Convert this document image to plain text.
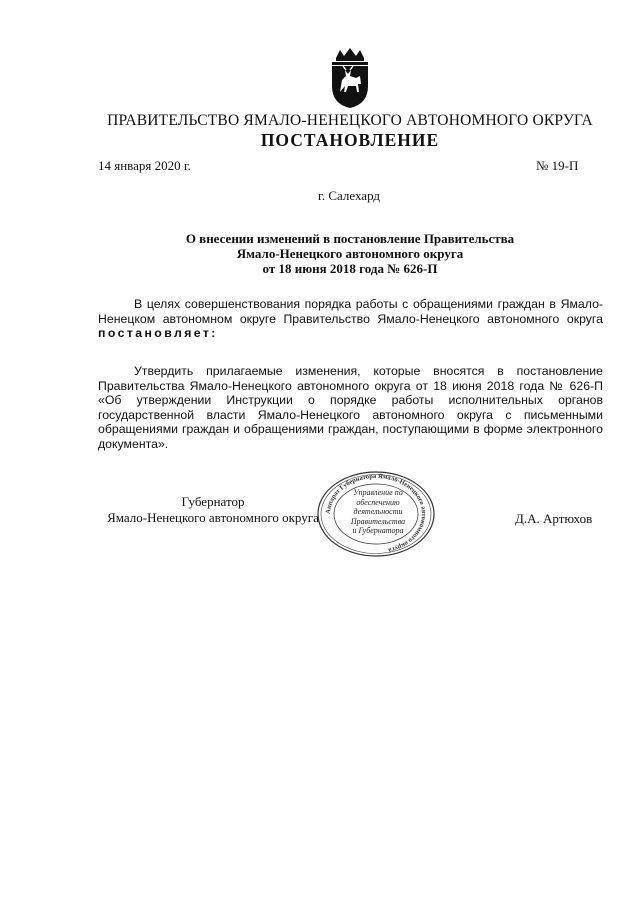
ПРАВИТЕЛЬСТВО ЯМАЛО-НЕНЕЦКОГО АВТОНОМНОГО ОКРУГА
ПОСТАНОВЛЕНИЕ
14 января 2020 г.	№ 19-П
г. Салехард
О внесении изменений в постановление Правительства
Ямало-Ненецкого автономного округа
от 18 июня 2018 года № 626-П
В целях совершенствования порядка работы с обращениями граждан в Ямало-Ненецком автономном округе Правительство Ямало-Ненецкого автономного округа постановляет:
Утвердить прилагаемые изменения, которые вносятся в постановление Правительства Ямало-Ненецкого автономного округа от 18 июня 2018 года № 626-П «Об утверждении Инструкции о порядке работы исполнительных органов государственной власти Ямало-Ненецкого автономного округа с письменными обращениями граждан и обращениями граждан, поступающими в форме электронного документа».
Губернатор
Ямало-Ненецкого автономного округа Аппарат Губернатора Ямало-Ненецкого автономного округа
Управление по
обеспечению
деятельности
Правительства
и Губернатора
Д.А. Артюхов
